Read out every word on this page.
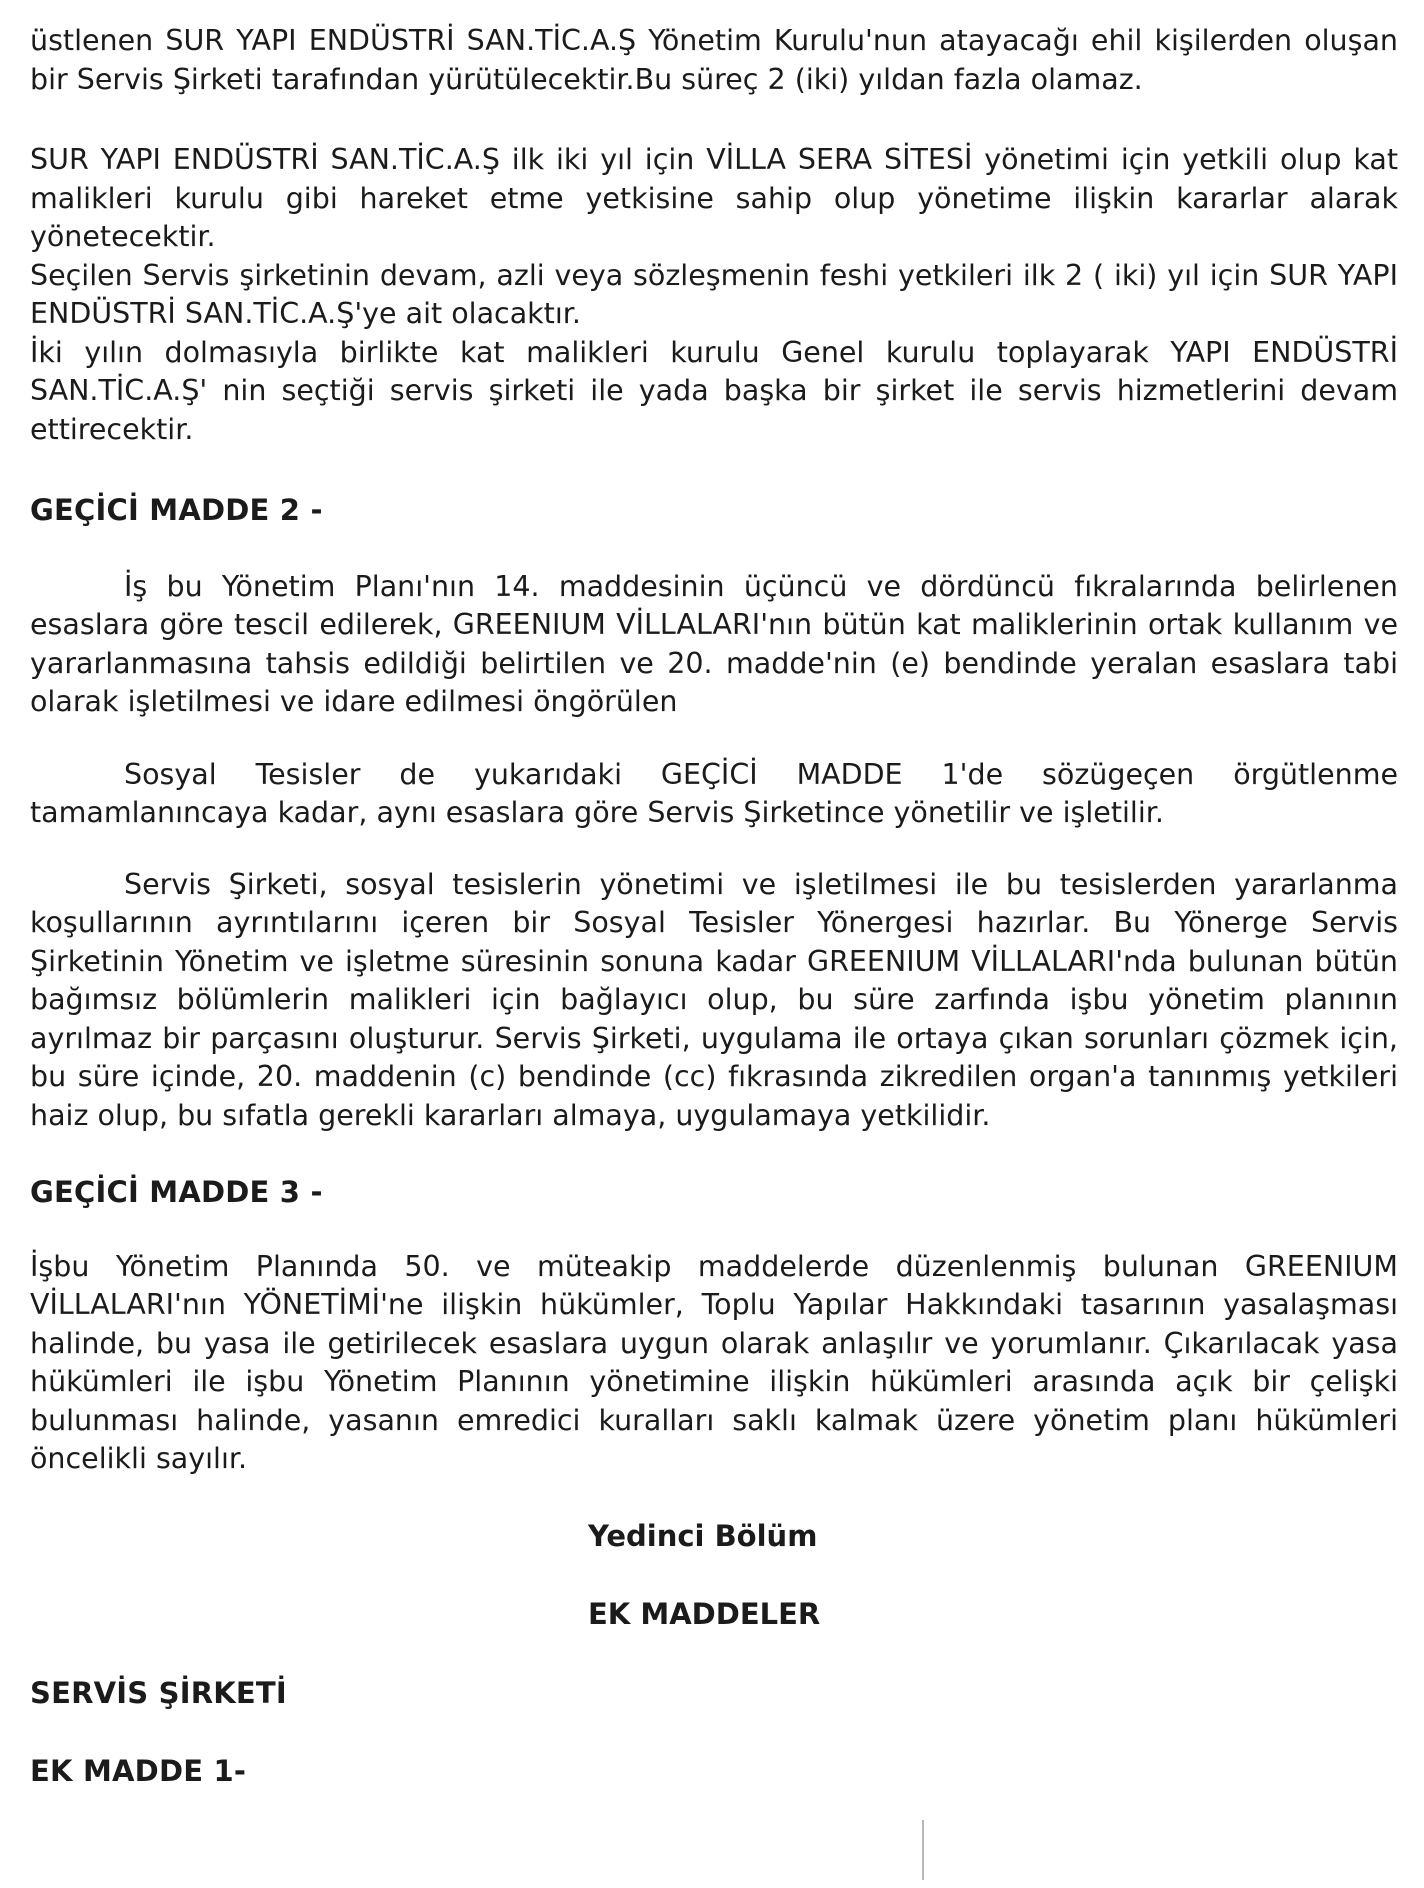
üstlenen SUR YAPI ENDÜSTRİ SAN.TİC.A.Ş Yönetim Kurulu'nun atayacağı ehil kişilerden oluşan bir Servis Şirketi tarafından yürütülecektir.Bu süreç 2 (iki) yıldan fazla olamaz.

SUR YAPI ENDÜSTRİ SAN.TİC.A.Ş ilk iki yıl için VİLLA SERA SİTESİ yönetimi için yetkili olup kat malikleri kurulu gibi hareket etme yetkisine sahip olup yönetime ilişkin kararlar alarak yönetecektir.

Seçilen Servis şirketinin devam, azli veya sözleşmenin feshi yetkileri ilk 2 ( iki) yıl için SUR YAPI ENDÜSTRİ SAN.TİC.A.Ş'ye ait olacaktır.

İki yılın dolmasıyla birlikte kat malikleri kurulu Genel kurulu toplayarak YAPI ENDÜSTRİ SAN.TİC.A.Ş' nin seçtiği servis şirketi ile yada başka bir şirket ile servis hizmetlerini devam ettirecektir.

GEÇİCİ MADDE 2 -

İş bu Yönetim Planı'nın 14. maddesinin üçüncü ve dördüncü fıkralarında belirlenen esaslara göre tescil edilerek, GREENIUM VİLLALARI'nın bütün kat maliklerinin ortak kullanım ve yararlanmasına tahsis edildiği belirtilen ve 20. madde'nin (e) bendinde yeralan esaslara tabi olarak işletilmesi ve idare edilmesi öngörülen

Sosyal Tesisler de yukarıdaki GEÇİCİ MADDE 1'de sözügeçen örgütlenme tamamlanıncaya kadar, aynı esaslara göre Servis Şirketince yönetilir ve işletilir.

Servis Şirketi, sosyal tesislerin yönetimi ve işletilmesi ile bu tesislerden yararlanma koşullarının ayrıntılarını içeren bir Sosyal Tesisler Yönergesi hazırlar. Bu Yönerge Servis Şirketinin Yönetim ve işletme süresinin sonuna kadar GREENIUM VİLLALARI'nda bulunan bütün bağımsız bölümlerin malikleri için bağlayıcı olup, bu süre zarfında işbu yönetim planının ayrılmaz bir parçasını oluşturur. Servis Şirketi, uygulama ile ortaya çıkan sorunları çözmek için, bu süre içinde, 20. maddenin (c) bendinde (cc) fıkrasında zikredilen organ'a tanınmış yetkileri haiz olup, bu sıfatla gerekli kararları almaya, uygulamaya yetkilidir.

GEÇİCİ MADDE 3 -

İşbu Yönetim Planında 50. ve müteakip maddelerde düzenlenmiş bulunan GREENIUM VİLLALARI'nın YÖNETİMİ'ne ilişkin hükümler, Toplu Yapılar Hakkındaki tasarının yasalaşması halinde, bu yasa ile getirilecek esaslara uygun olarak anlaşılır ve yorumlanır. Çıkarılacak yasa hükümleri ile işbu Yönetim Planının yönetimine ilişkin hükümleri arasında açık bir çelişki bulunması halinde, yasanın emredici kuralları saklı kalmak üzere yönetim planı hükümleri öncelikli sayılır.

Yedinci Bölüm

EK MADDELER

SERVİS ŞİRKETİ

EK MADDE 1-
